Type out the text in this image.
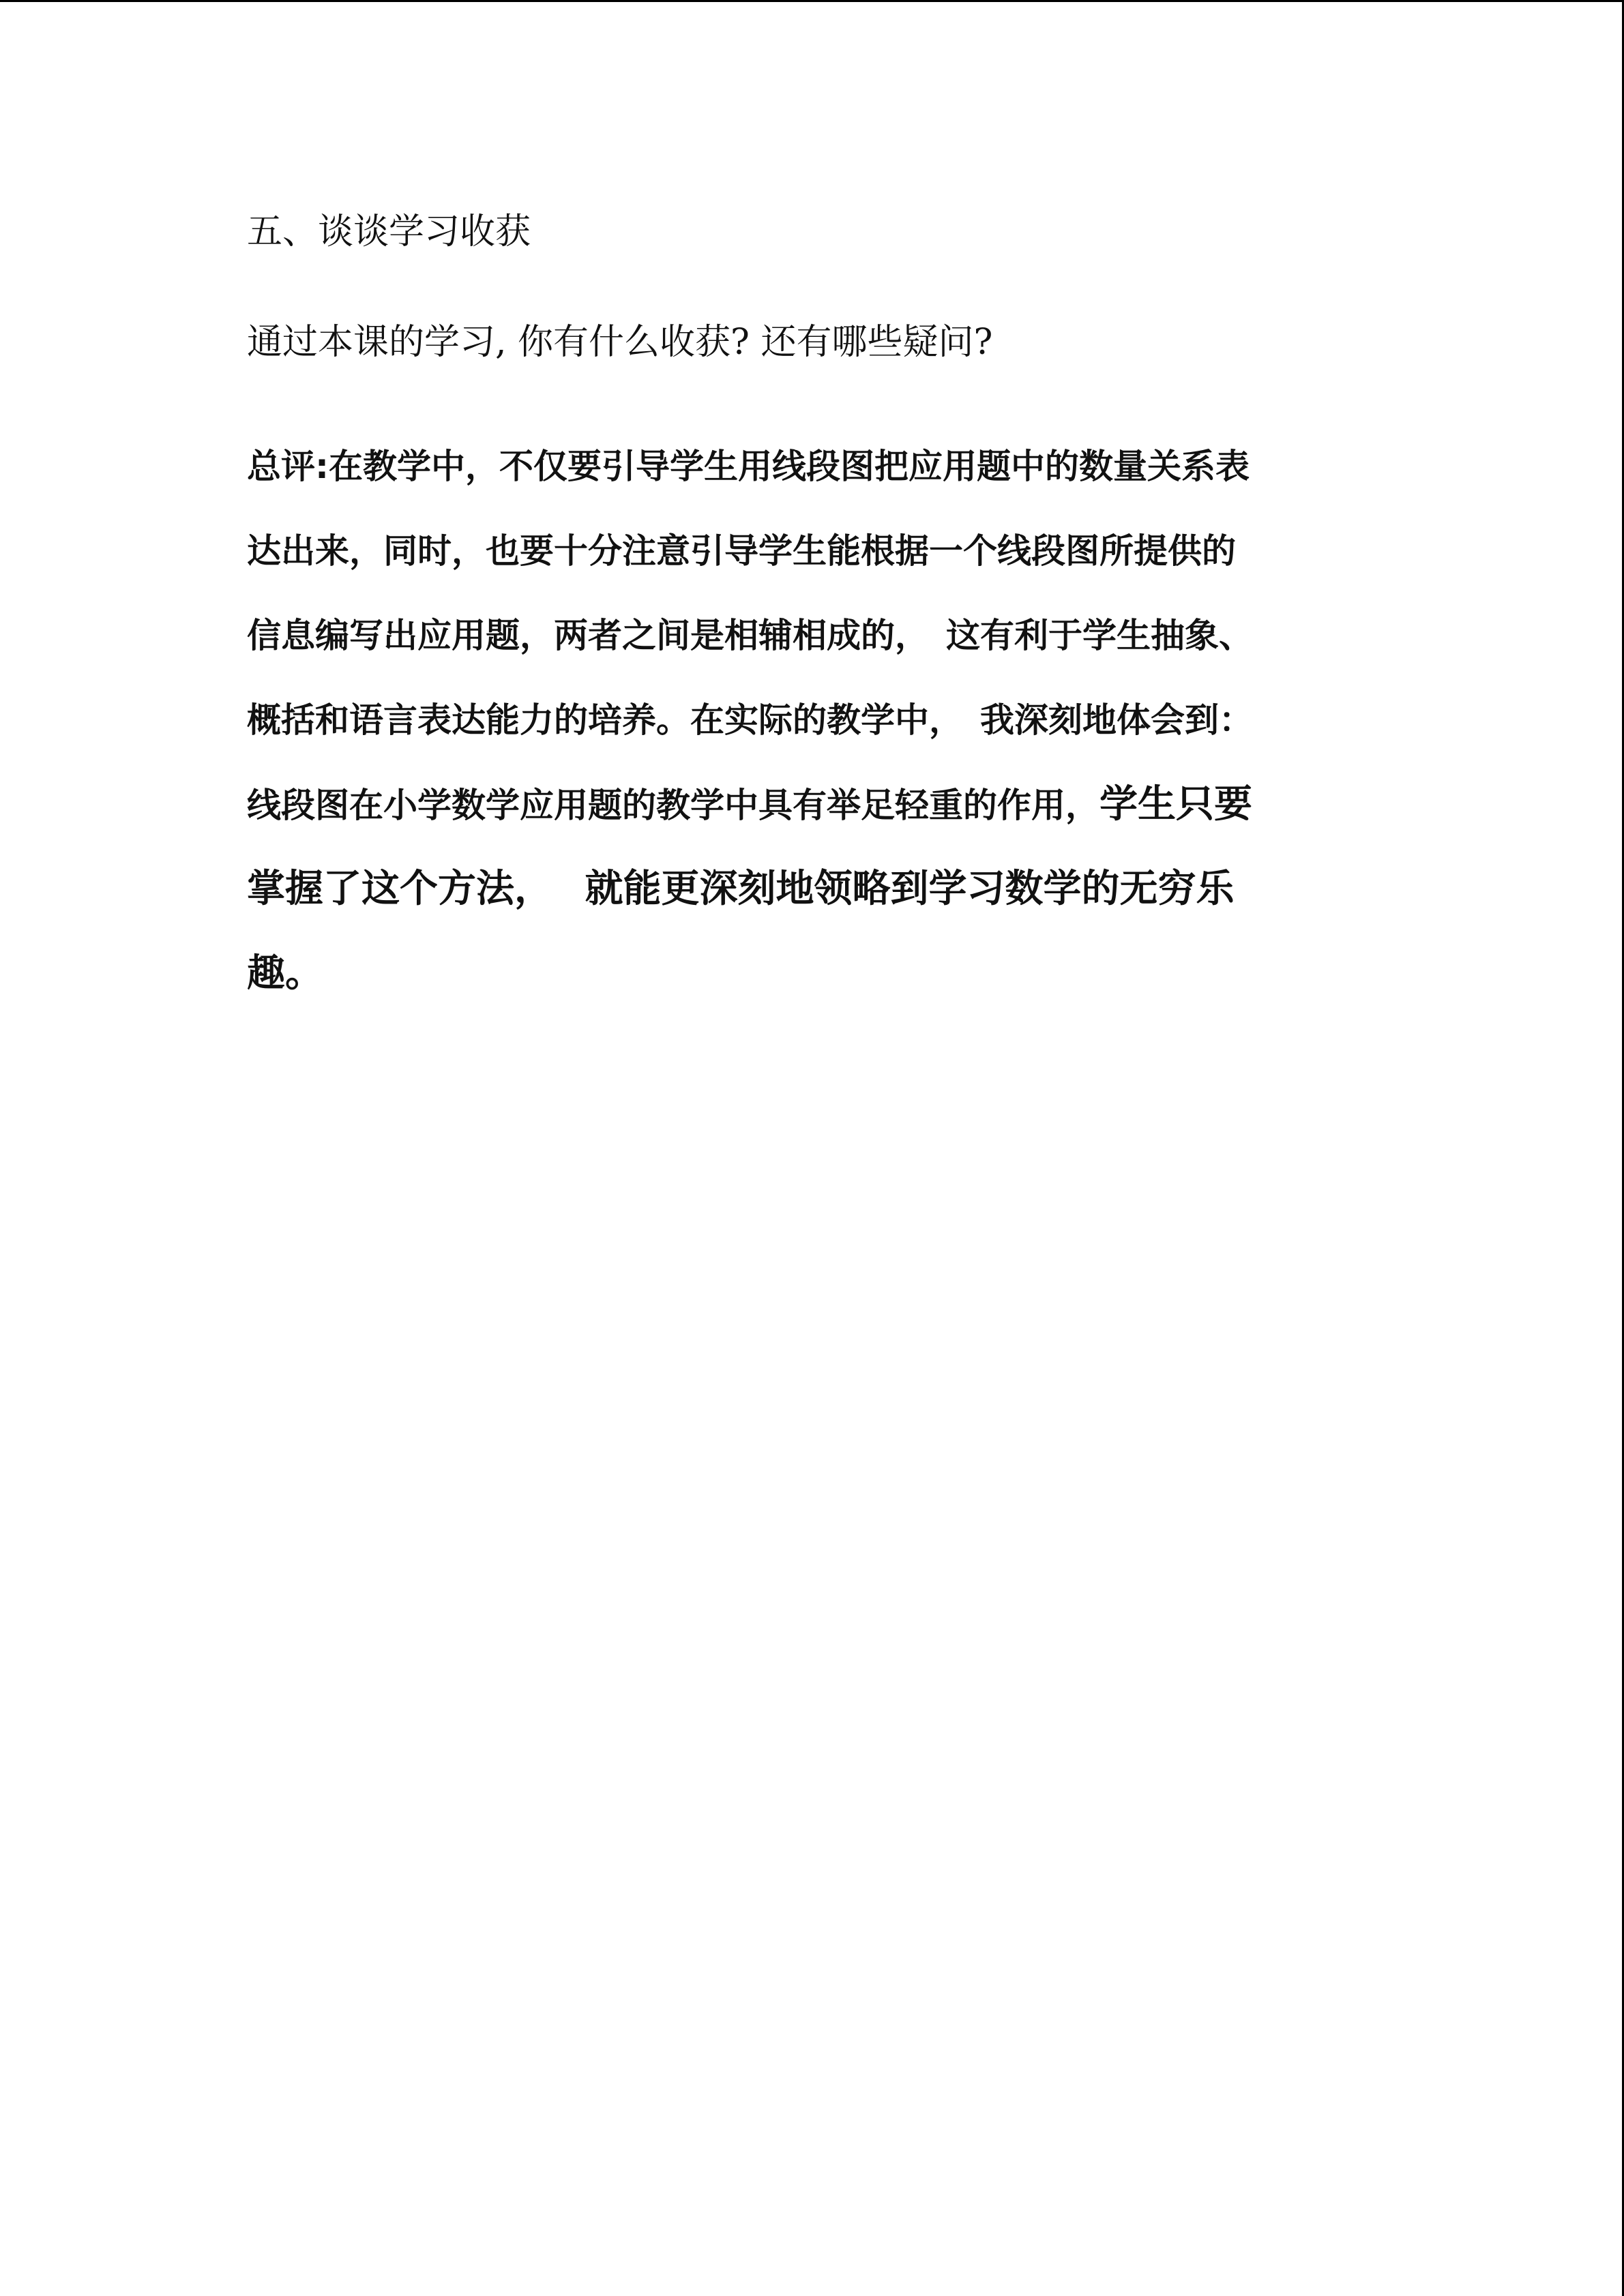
五、谈谈学习收获

通过本课的学习, 你有什么收获? 还有哪些疑问?

总评:在教学中，不仅要引导学生用线段图把应用题中的数量关系表

达出来，同时，也要十分注意引导学生能根据一个线段图所提供的

信息编写出应用题，两者之间是相辅相成的，　这有利于学生抽象、

概括和语言表达能力的培养。在实际的教学中，　我深刻地体会到：

线段图在小学数学应用题的教学中具有举足轻重的作用，学生只要

掌握了这个方法，　 就能更深刻地领略到学习数学的无穷乐

趣。
